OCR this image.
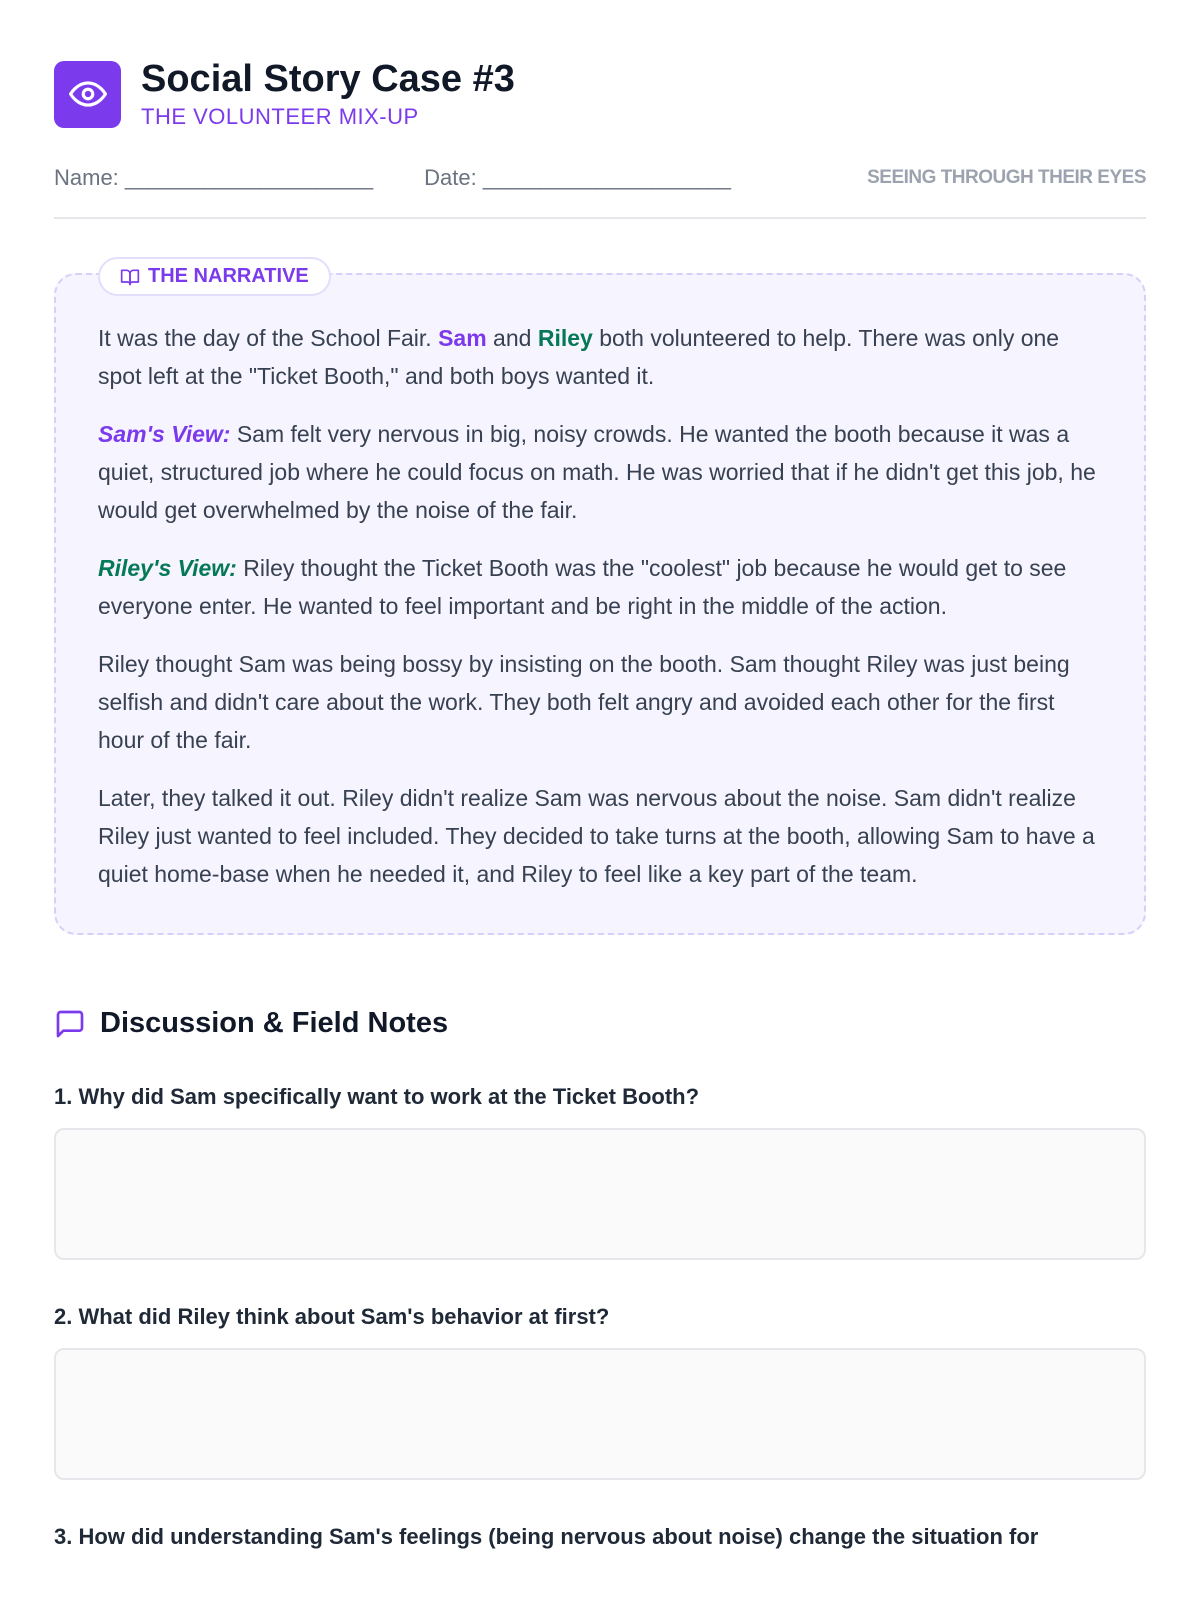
Social Story Case #3
THE VOLUNTEER MIX-UP
Name: ______________________ Date: ______________________	SEEING THROUGH THEIR EYES
THE NARRATIVE

It was the day of the School Fair. Sam and Riley both volunteered to help. There was only one spot left at the "Ticket Booth," and both boys wanted it.

Sam's View: Sam felt very nervous in big, noisy crowds. He wanted the booth because it was a quiet, structured job where he could focus on math. He was worried that if he didn't get this job, he would get overwhelmed by the noise of the fair.

Riley's View: Riley thought the Ticket Booth was the "coolest" job because he would get to see everyone enter. He wanted to feel important and be right in the middle of the action.

Riley thought Sam was being bossy by insisting on the booth. Sam thought Riley was just being selfish and didn't care about the work. They both felt angry and avoided each other for the first hour of the fair.

Later, they talked it out. Riley didn't realize Sam was nervous about the noise. Sam didn't realize Riley just wanted to feel included. They decided to take turns at the booth, allowing Sam to have a quiet home-base when he needed it, and Riley to feel like a key part of the team.

Discussion & Field Notes
1. Why did Sam specifically want to work at the Ticket Booth?
2. What did Riley think about Sam's behavior at first?
3. How did understanding Sam's feelings (being nervous about noise) change the situation for
